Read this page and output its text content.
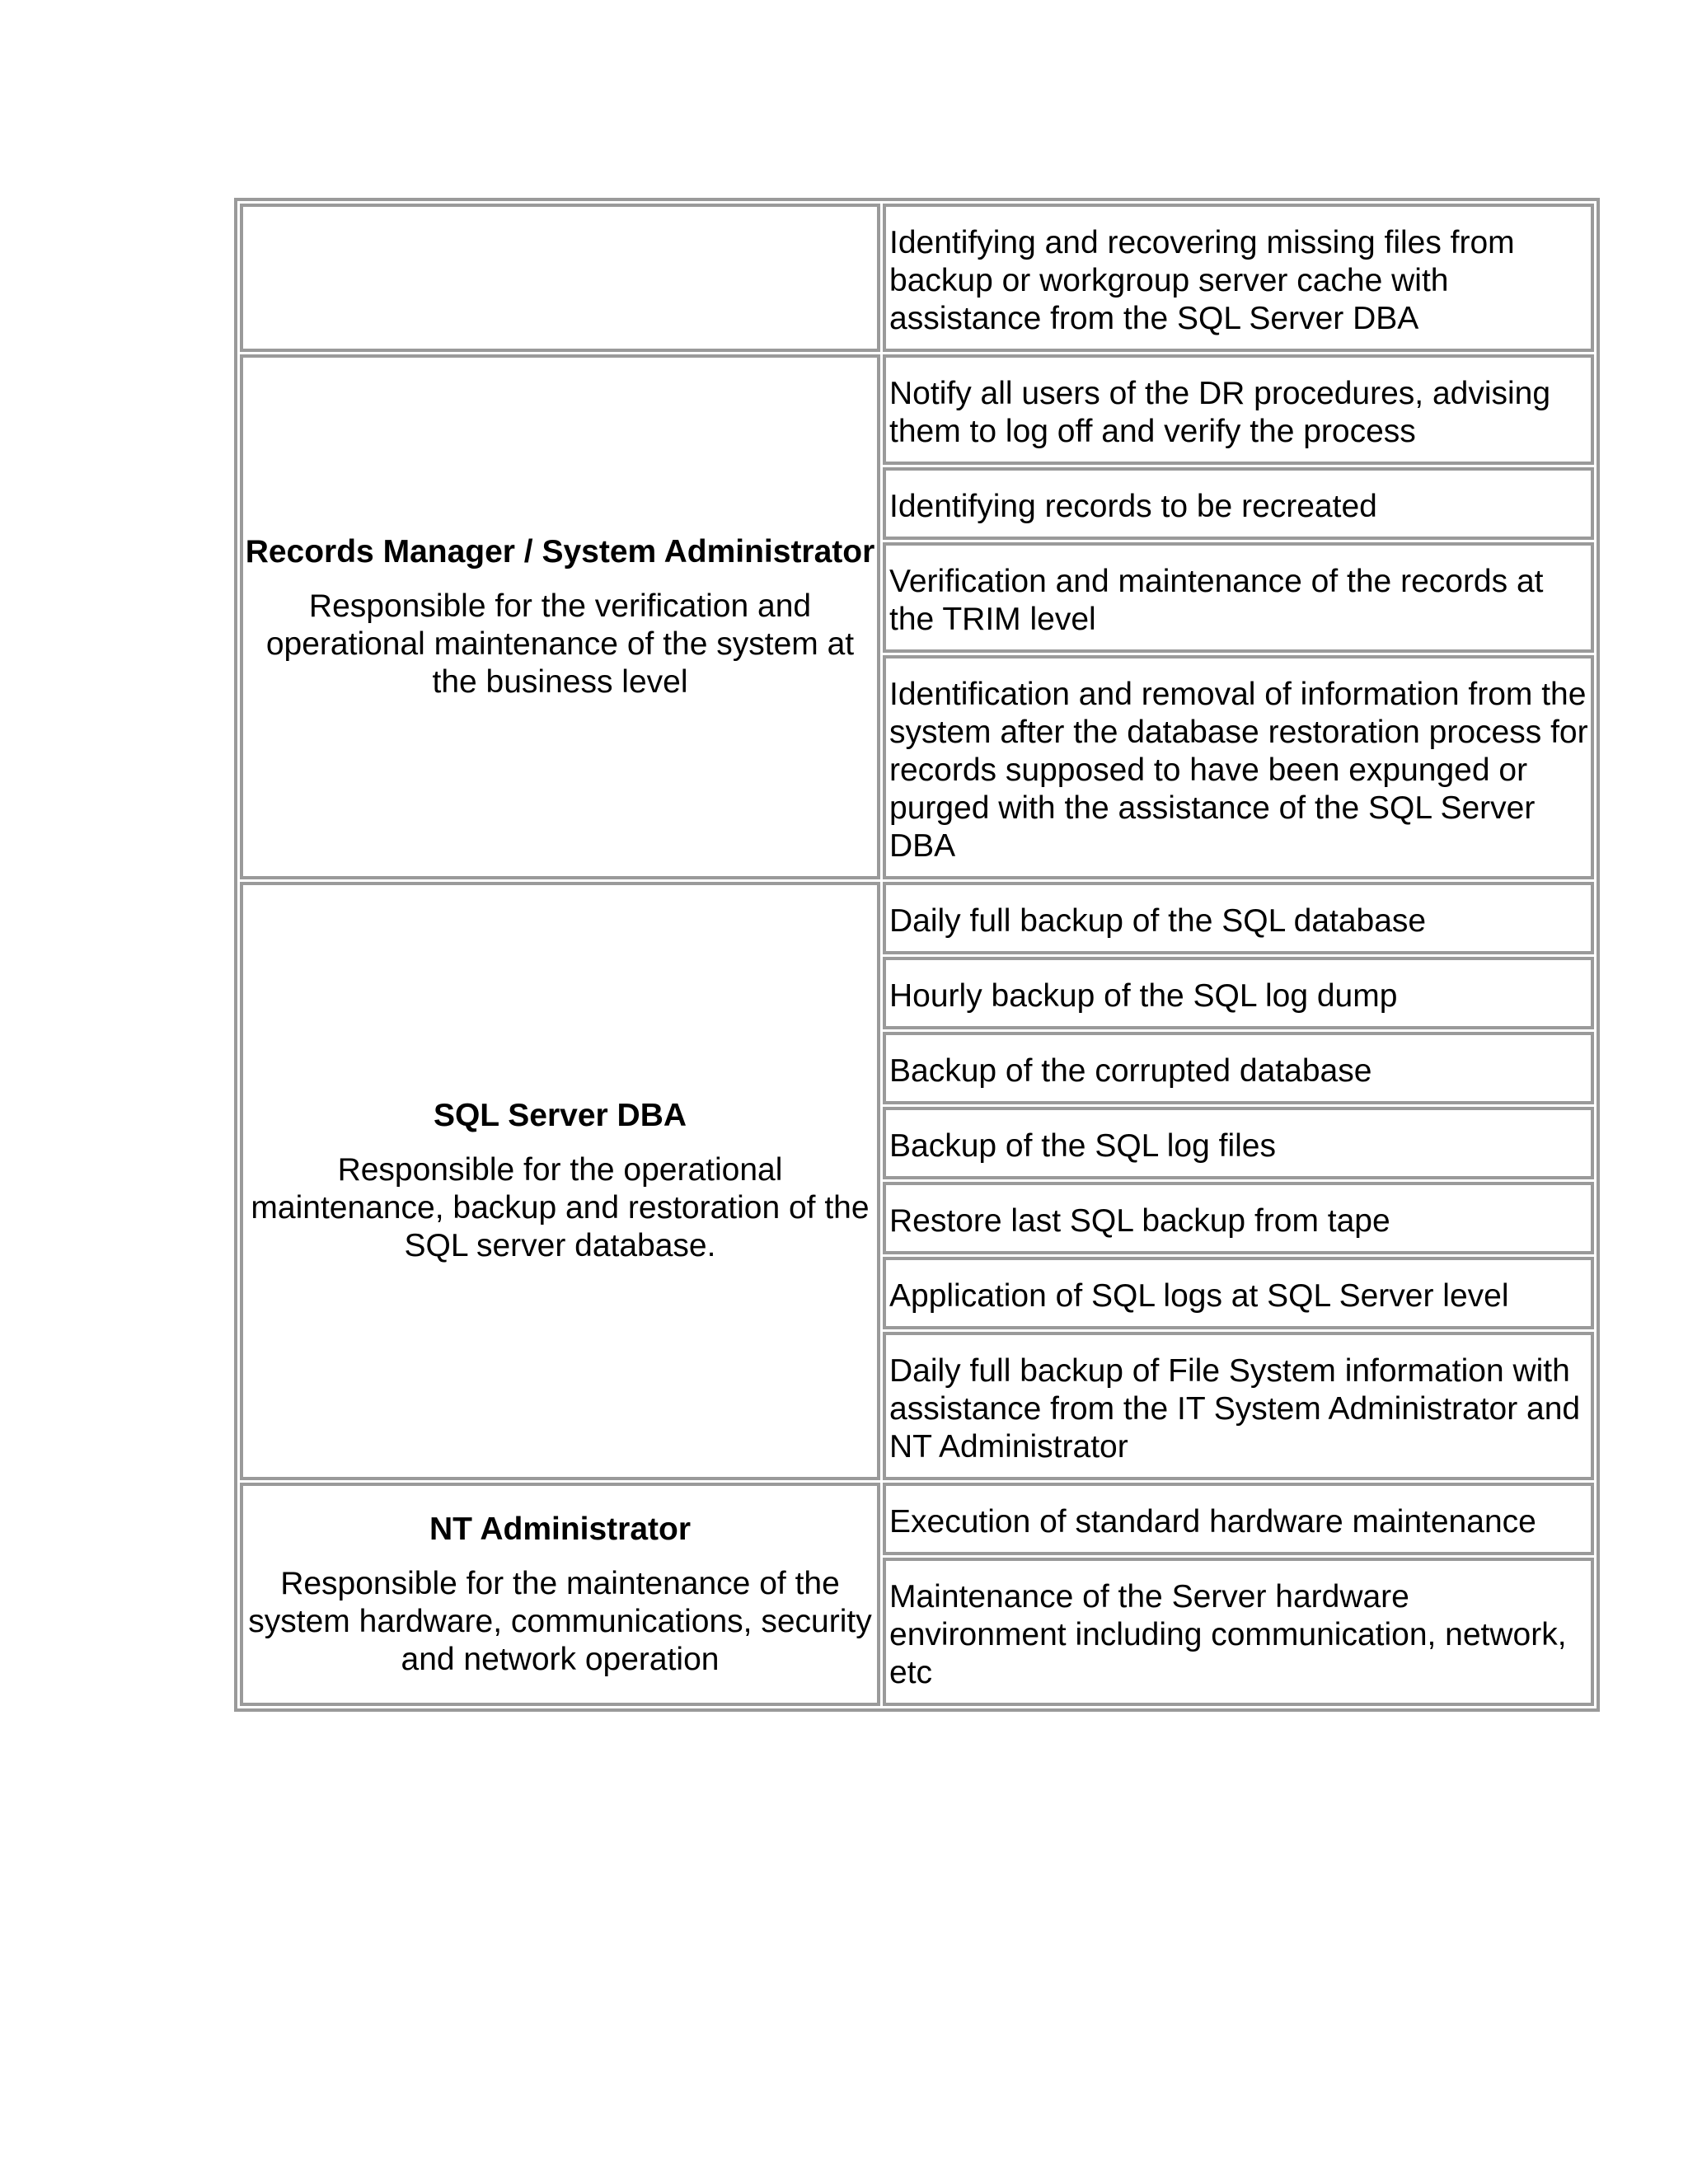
	Identifying and recovering missing files from backup or workgroup server cache with assistance from the SQL Server DBA

Records Manager / System Administrator
Responsible for the verification and operational maintenance of the system at the business level	Notify all users of the DR procedures, advising them to log off and verify the process
	Identifying records to be recreated
	Verification and maintenance of the records at the TRIM level
	Identification and removal of information from the system after the database restoration process for records supposed to have been expunged or purged with the assistance of the SQL Server DBA

SQL Server DBA
Responsible for the operational maintenance, backup and restoration of the SQL server database.	Daily full backup of the SQL database
	Hourly backup of the SQL log dump
	Backup of the corrupted database
	Backup of the SQL log files
	Restore last SQL backup from tape
	Application of SQL logs at SQL Server level
	Daily full backup of File System information with assistance from the IT System Administrator and NT Administrator

NT Administrator
Responsible for the maintenance of the system hardware, communications, security and network operation	Execution of standard hardware maintenance
	Maintenance of the Server hardware environment including communication, network, etc
